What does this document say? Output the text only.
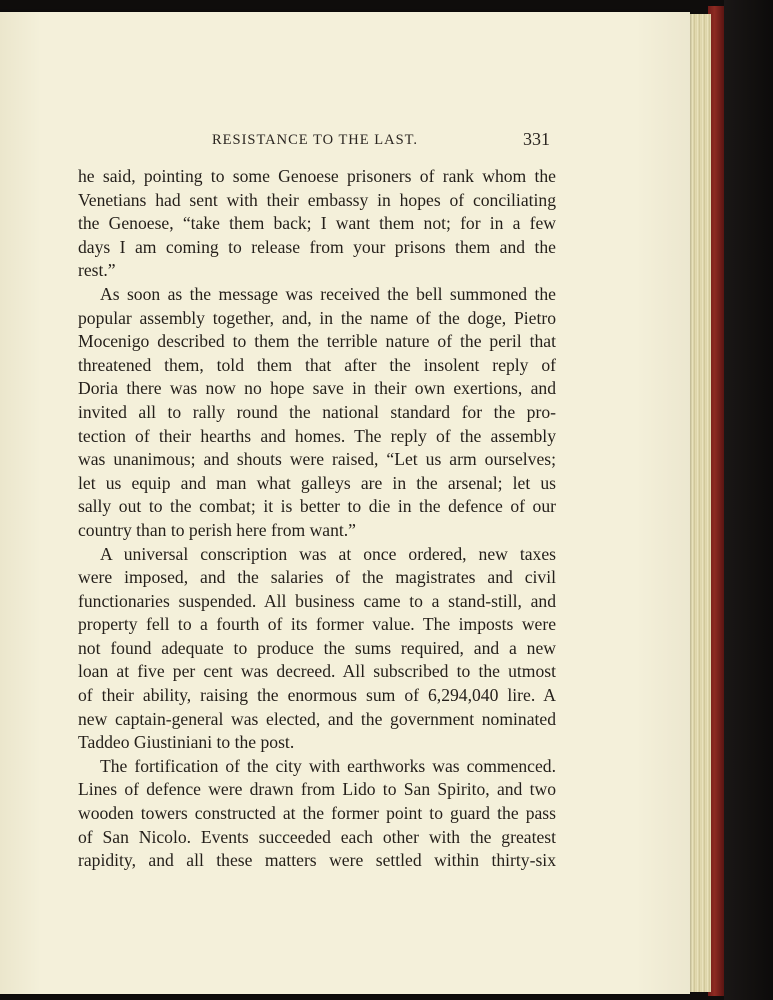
RESISTANCE TO THE LAST.	331
he said, pointing to some Genoese prisoners of rank whom the
Venetians had sent with their embassy in hopes of conciliating
the Genoese, “take them back; I want them not; for in a few
days I am coming to release from your prisons them and the
rest.”
As soon as the message was received the bell summoned the
popular assembly together, and, in the name of the doge, Pietro
Mocenigo described to them the terrible nature of the peril that
threatened them, told them that after the insolent reply of
Doria there was now no hope save in their own exertions, and
invited all to rally round the national standard for the pro-
tection of their hearths and homes. The reply of the assembly
was unanimous; and shouts were raised, “Let us arm ourselves;
let us equip and man what galleys are in the arsenal; let us
sally out to the combat; it is better to die in the defence of our
country than to perish here from want.”
A universal conscription was at once ordered, new taxes
were imposed, and the salaries of the magistrates and civil
functionaries suspended. All business came to a stand-still, and
property fell to a fourth of its former value. The imposts were
not found adequate to produce the sums required, and a new
loan at five per cent was decreed. All subscribed to the utmost
of their ability, raising the enormous sum of 6,294,040 lire. A
new captain-general was elected, and the government nominated
Taddeo Giustiniani to the post.
The fortification of the city with earthworks was commenced.
Lines of defence were drawn from Lido to San Spirito, and two
wooden towers constructed at the former point to guard the pass
of San Nicolo. Events succeeded each other with the greatest
rapidity, and all these matters were settled within thirty-six
